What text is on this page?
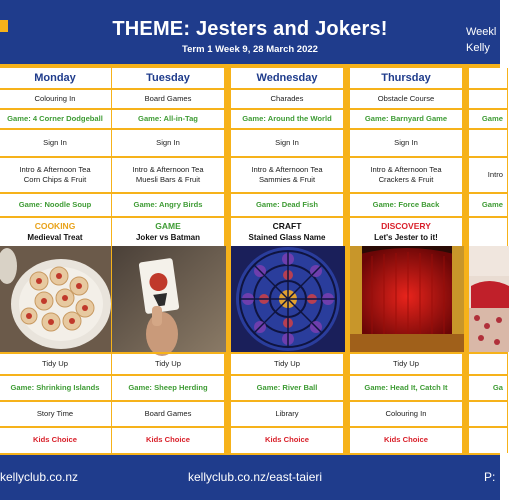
THEME: Jesters and Jokers!
Term 1 Week 9, 28 March 2022
Weekl
Kelly
Monday
Colouring In
Game: 4 Corner Dodgeball
Sign In
Intro & Afternoon Tea
Corn Chips & Fruit
Game: Noodle Soup
COOKING
Medieval Treat
Tidy Up
Game: Shrinking Islands
Story Time
Kids Choice
Tuesday
Board Games
Game: All-in-Tag
Sign In
Intro & Afternoon Tea
Muesli Bars & Fruit
Game: Angry Birds
GAME
Joker vs Batman
Tidy Up
Game: Sheep Herding
Board Games
Kids Choice
Wednesday
Charades
Game: Around the World
Sign In
Intro & Afternoon Tea
Sammies & Fruit
Game: Dead Fish
CRAFT
Stained Glass Name
Tidy Up
Game: River Ball
Library
Kids Choice
Thursday
Obstacle Course
Game: Barnyard Game
Sign In
Intro & Afternoon Tea
Crackers & Fruit
Game: Force Back
DISCOVERY
Let's Jester to it!
Tidy Up
Game: Head It, Catch It
Colouring In
Kids Choice
Game
Intro
Game
Ga
kellyclub.co.nz	kellyclub.co.nz/east-taieri	P:
